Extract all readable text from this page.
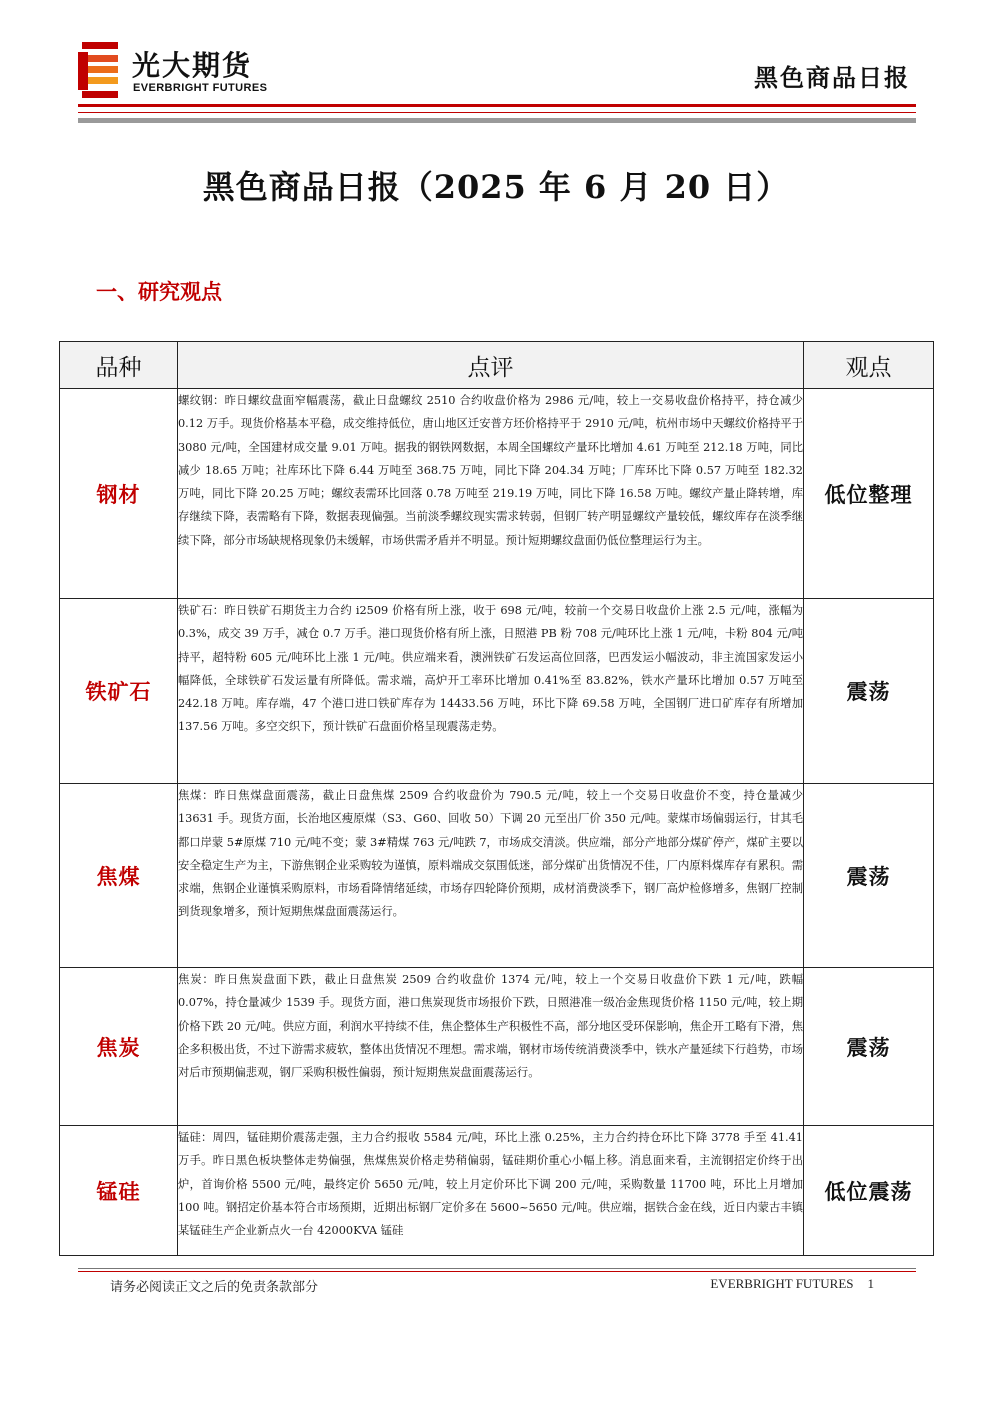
光大期货
EVERBRIGHT FUTURES	黑色商品日报
黑色商品日报（2025 年 6 月 20 日）
一、研究观点
品种	点评	观点
钢材	螺纹钢：昨日螺纹盘面窄幅震荡，截止日盘螺纹 2510 合约收盘价格为 2986 元/吨，较上一交易收盘价格持平，持仓减少 0.12 万手。现货价格基本平稳，成交维持低位，唐山地区迁安普方坯价格持平于 2910 元/吨，杭州市场中天螺纹价格持平于 3080 元/吨，全国建材成交量 9.01 万吨。据我的钢铁网数据，本周全国螺纹产量环比增加 4.61 万吨至 212.18 万吨，同比减少 18.65 万吨；社库环比下降 6.44 万吨至 368.75 万吨，同比下降 204.34 万吨；厂库环比下降 0.57 万吨至 182.32 万吨，同比下降 20.25 万吨；螺纹表需环比回落 0.78 万吨至 219.19 万吨，同比下降 16.58 万吨。螺纹产量止降转增，库存继续下降，表需略有下降，数据表现偏强。当前淡季螺纹现实需求转弱，但钢厂转产明显螺纹产量较低，螺纹库存在淡季继续下降，部分市场缺规格现象仍未缓解，市场供需矛盾并不明显。预计短期螺纹盘面仍低位整理运行为主。	低位整理
铁矿石	铁矿石：昨日铁矿石期货主力合约 i2509 价格有所上涨，收于 698 元/吨，较前一个交易日收盘价上涨 2.5 元/吨，涨幅为 0.3%，成交 39 万手，减仓 0.7 万手。港口现货价格有所上涨，日照港 PB 粉 708 元/吨环比上涨 1 元/吨，卡粉 804 元/吨持平，超特粉 605 元/吨环比上涨 1 元/吨。供应端来看，澳洲铁矿石发运高位回落，巴西发运小幅波动，非主流国家发运小幅降低，全球铁矿石发运量有所降低。需求端，高炉开工率环比增加 0.41%至 83.82%，铁水产量环比增加 0.57 万吨至 242.18 万吨。库存端，47 个港口进口铁矿库存为 14433.56 万吨，环比下降 69.58 万吨，全国钢厂进口矿库存有所增加 137.56 万吨。多空交织下，预计铁矿石盘面价格呈现震荡走势。	震荡
焦煤	焦煤：昨日焦煤盘面震荡，截止日盘焦煤 2509 合约收盘价为 790.5 元/吨，较上一个交易日收盘价不变，持仓量减少 13631 手。现货方面，长治地区瘦原煤（S3、G60、回收 50）下调 20 元至出厂价 350 元/吨。蒙煤市场偏弱运行，甘其毛都口岸蒙 5#原煤 710 元/吨不变；蒙 3#精煤 763 元/吨跌 7，市场成交清淡。供应端，部分产地部分煤矿停产，煤矿主要以安全稳定生产为主，下游焦钢企业采购较为谨慎，原料端成交氛围低迷，部分煤矿出货情况不佳，厂内原料煤库存有累积。需求端，焦钢企业谨慎采购原料，市场看降情绪延续，市场存四轮降价预期，成材消费淡季下，钢厂高炉检修增多，焦钢厂控制到货现象增多，预计短期焦煤盘面震荡运行。	震荡
焦炭	焦炭：昨日焦炭盘面下跌，截止日盘焦炭 2509 合约收盘价 1374 元/吨，较上一个交易日收盘价下跌 1 元/吨，跌幅 0.07%，持仓量减少 1539 手。现货方面，港口焦炭现货市场报价下跌，日照港准一级冶金焦现货价格 1150 元/吨，较上期价格下跌 20 元/吨。供应方面，利润水平持续不佳，焦企整体生产积极性不高，部分地区受环保影响，焦企开工略有下滑，焦企多积极出货，不过下游需求疲软，整体出货情况不理想。需求端，钢材市场传统消费淡季中，铁水产量延续下行趋势，市场对后市预期偏悲观，钢厂采购积极性偏弱，预计短期焦炭盘面震荡运行。	震荡
锰硅	锰硅：周四，锰硅期价震荡走强，主力合约报收 5584 元/吨，环比上涨 0.25%，主力合约持仓环比下降 3778 手至 41.41 万手。昨日黑色板块整体走势偏强，焦煤焦炭价格走势稍偏弱，锰硅期价重心小幅上移。消息面来看，主流钢招定价终于出炉，首询价格 5500 元/吨，最终定价 5650 元/吨，较上月定价环比下调 200 元/吨，采购数量 11700 吨，环比上月增加 100 吨。钢招定价基本符合市场预期，近期出标钢厂定价多在 5600~5650 元/吨。供应端，据铁合金在线，近日内蒙古丰镇某锰硅生产企业新点火一台 42000KVA 锰硅	低位震荡
请务必阅读正文之后的免责条款部分	EVERBRIGHT FUTURES 1
